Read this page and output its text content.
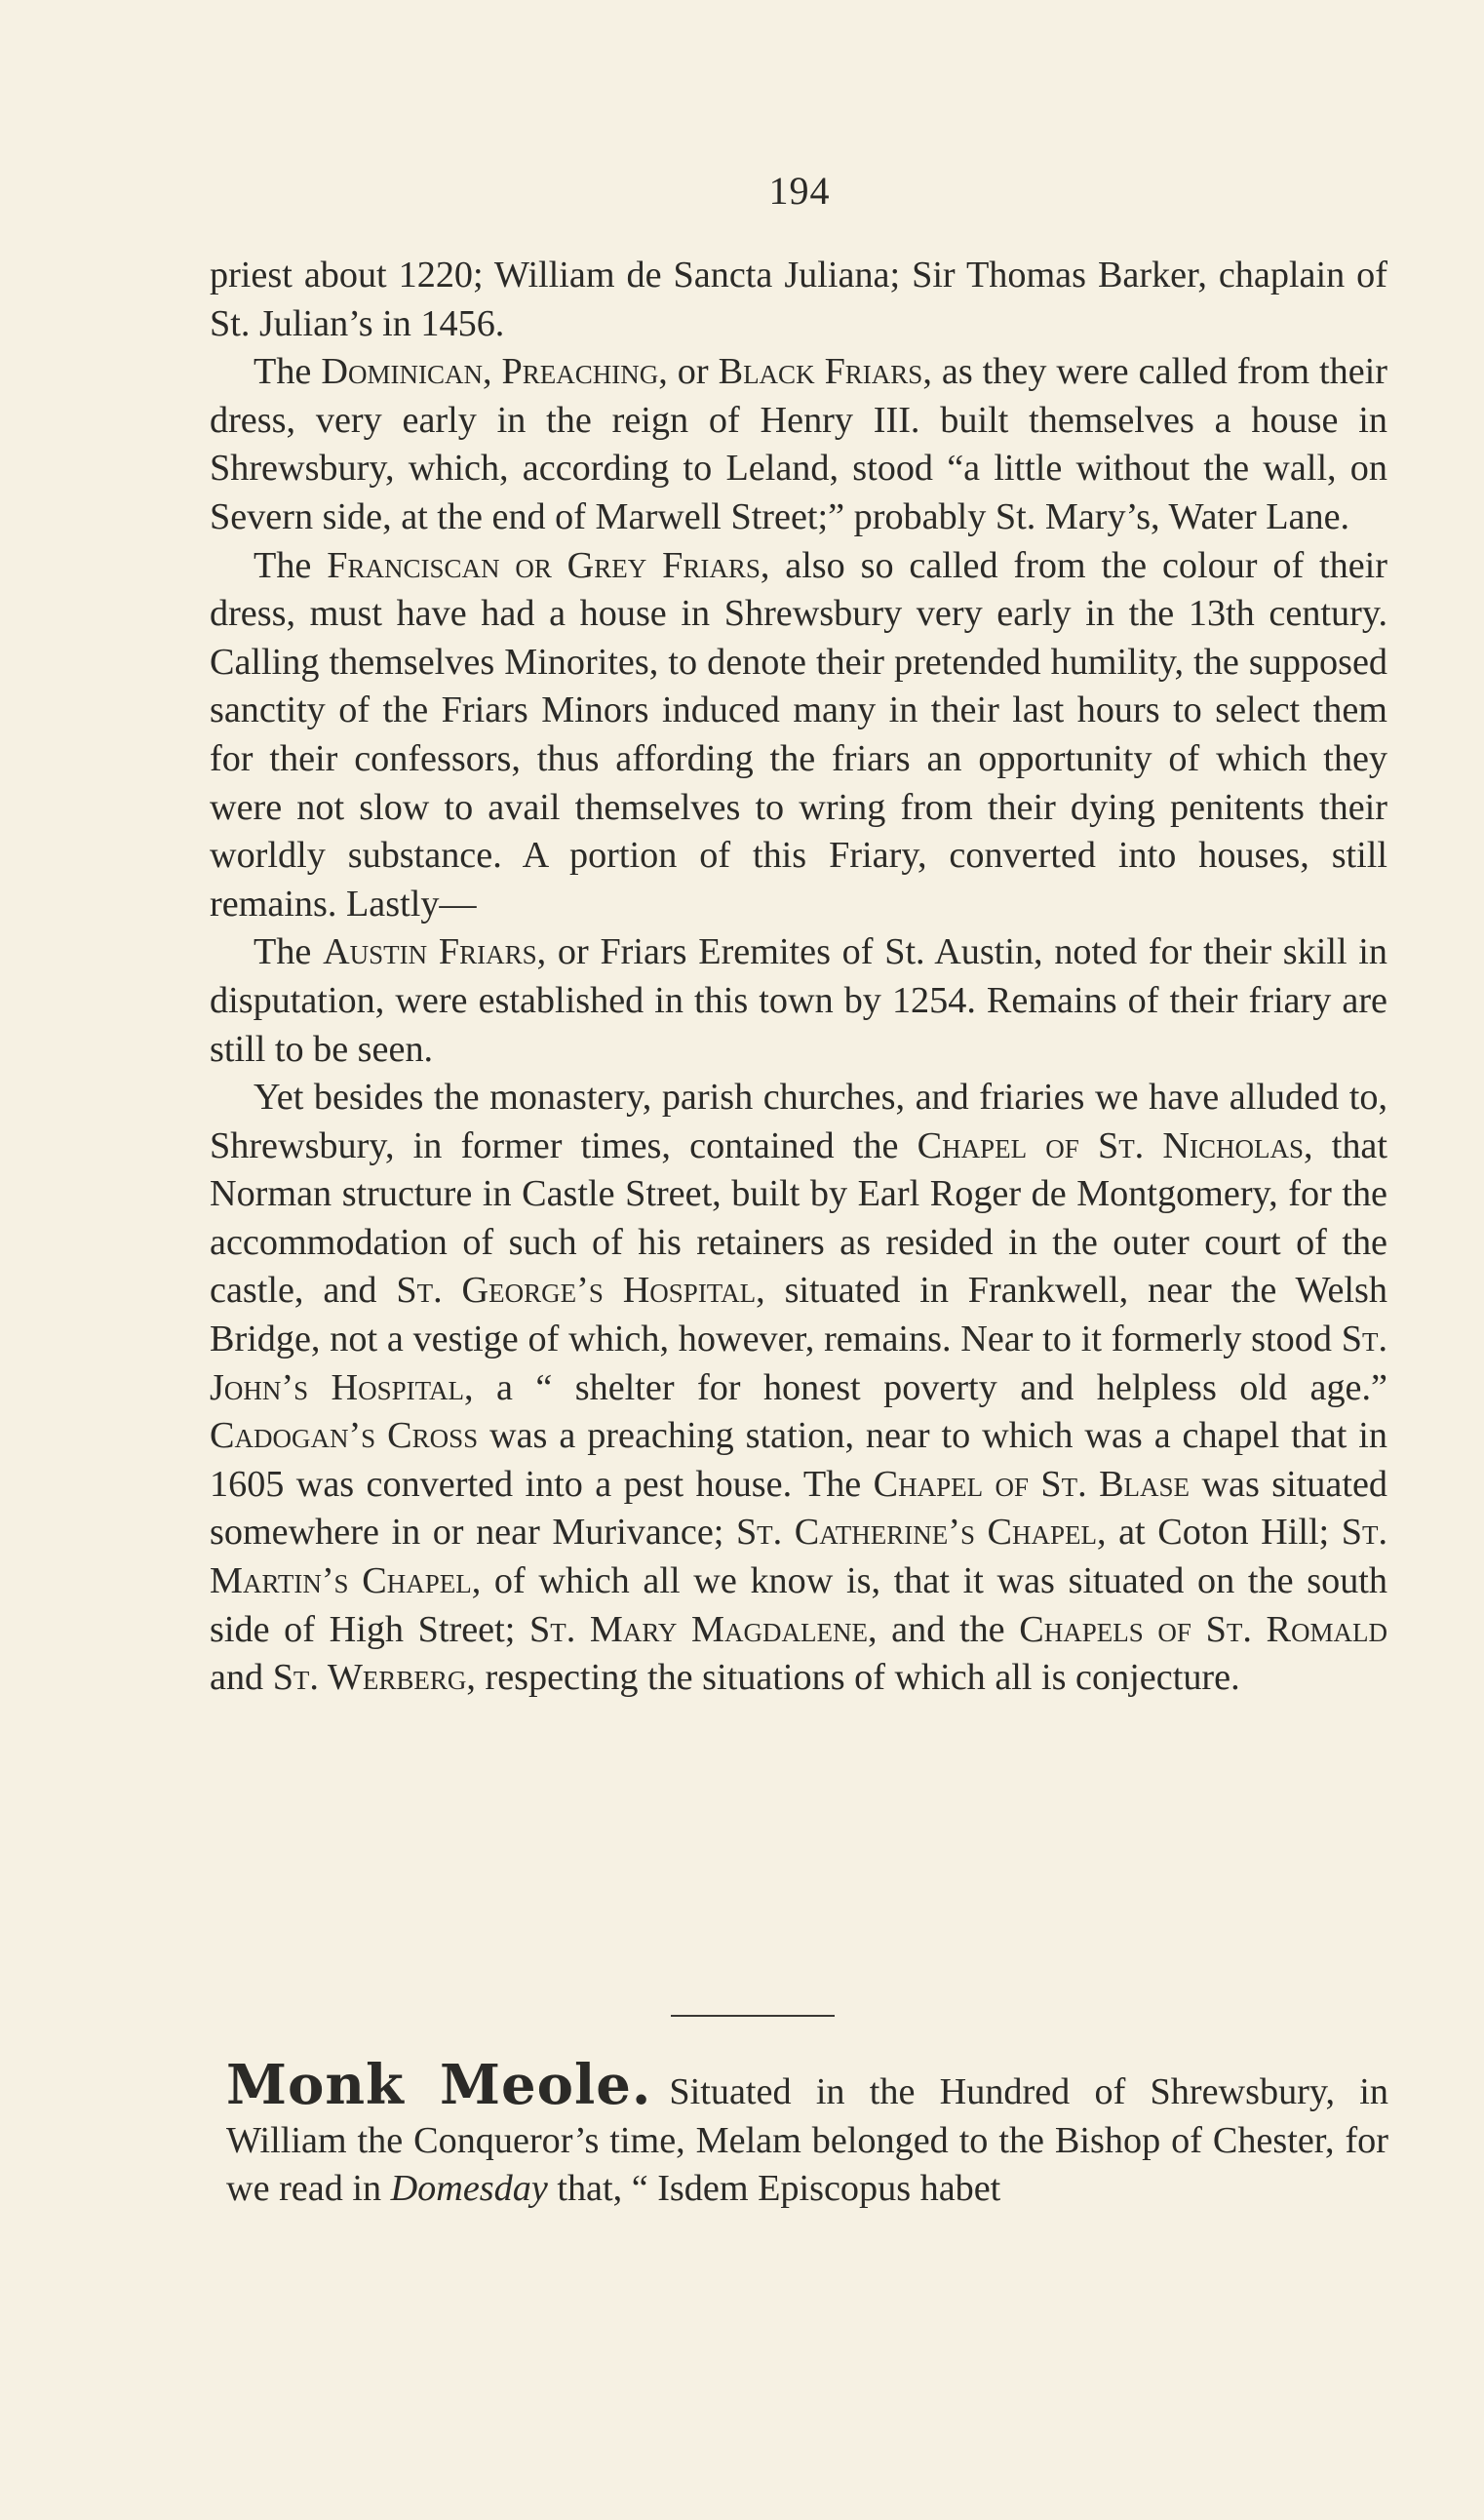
194

priest about 1220; William de Sancta Juliana; Sir Thomas Barker, chaplain of St. Julian’s in 1456.

The Dominican, Preaching, or Black Friars, as they were called from their dress, very early in the reign of Henry III. built themselves a house in Shrewsbury, which, according to Leland, stood “a little without the wall, on Severn side, at the end of Marwell Street;” probably St. Mary’s, Water Lane.

The Franciscan or Grey Friars, also so called from the colour of their dress, must have had a house in Shrewsbury very early in the 13th century. Calling themselves Minorites, to denote their pretended humility, the supposed sanctity of the Friars Minors induced many in their last hours to select them for their confessors, thus affording the friars an opportunity of which they were not slow to avail themselves to wring from their dying penitents their worldly substance. A portion of this Friary, converted into houses, still remains. Lastly—

The Austin Friars, or Friars Eremites of St. Austin, noted for their skill in disputation, were established in this town by 1254. Remains of their friary are still to be seen.

Yet besides the monastery, parish churches, and friaries we have alluded to, Shrewsbury, in former times, contained the Chapel of St. Nicholas, that Norman structure in Castle Street, built by Earl Roger de Montgomery, for the accommodation of such of his retainers as resided in the outer court of the castle, and St. George’s Hospital, situated in Frankwell, near the Welsh Bridge, not a vestige of which, however, remains. Near to it formerly stood St. John’s Hospital, a “ shelter for honest poverty and helpless old age.” Cadogan’s Cross was a preaching station, near to which was a chapel that in 1605 was converted into a pest house. The Chapel of St. Blase was situated somewhere in or near Murivance; St. Catherine’s Chapel, at Coton Hill; St. Martin’s Chapel, of which all we know is, that it was situated on the south side of High Street; St. Mary Magdalene, and the Chapels of St. Romald and St. Werberg, respecting the situations of which all is conjecture.

Monk Meole. Situated in the Hundred of Shrewsbury, in William the Conqueror’s time, Melam belonged to the Bishop of Chester, for we read in Domesday that, “ Isdem Episcopus habet
